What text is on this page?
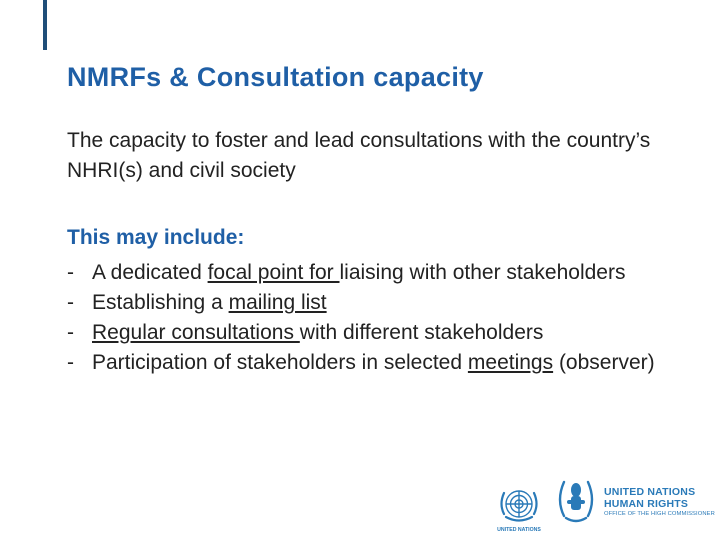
NMRFs & Consultation capacity
The capacity to foster and lead consultations with the country’s NHRI(s) and civil society
This may include:
- A dedicated focal point for liaising with other stakeholders
- Establishing a mailing list
- Regular consultations with different stakeholders
- Participation of stakeholders in selected meetings (observer)
UNITED NATIONS
UNITED NATIONS
HUMAN RIGHTS
OFFICE OF THE HIGH COMMISSIONER
